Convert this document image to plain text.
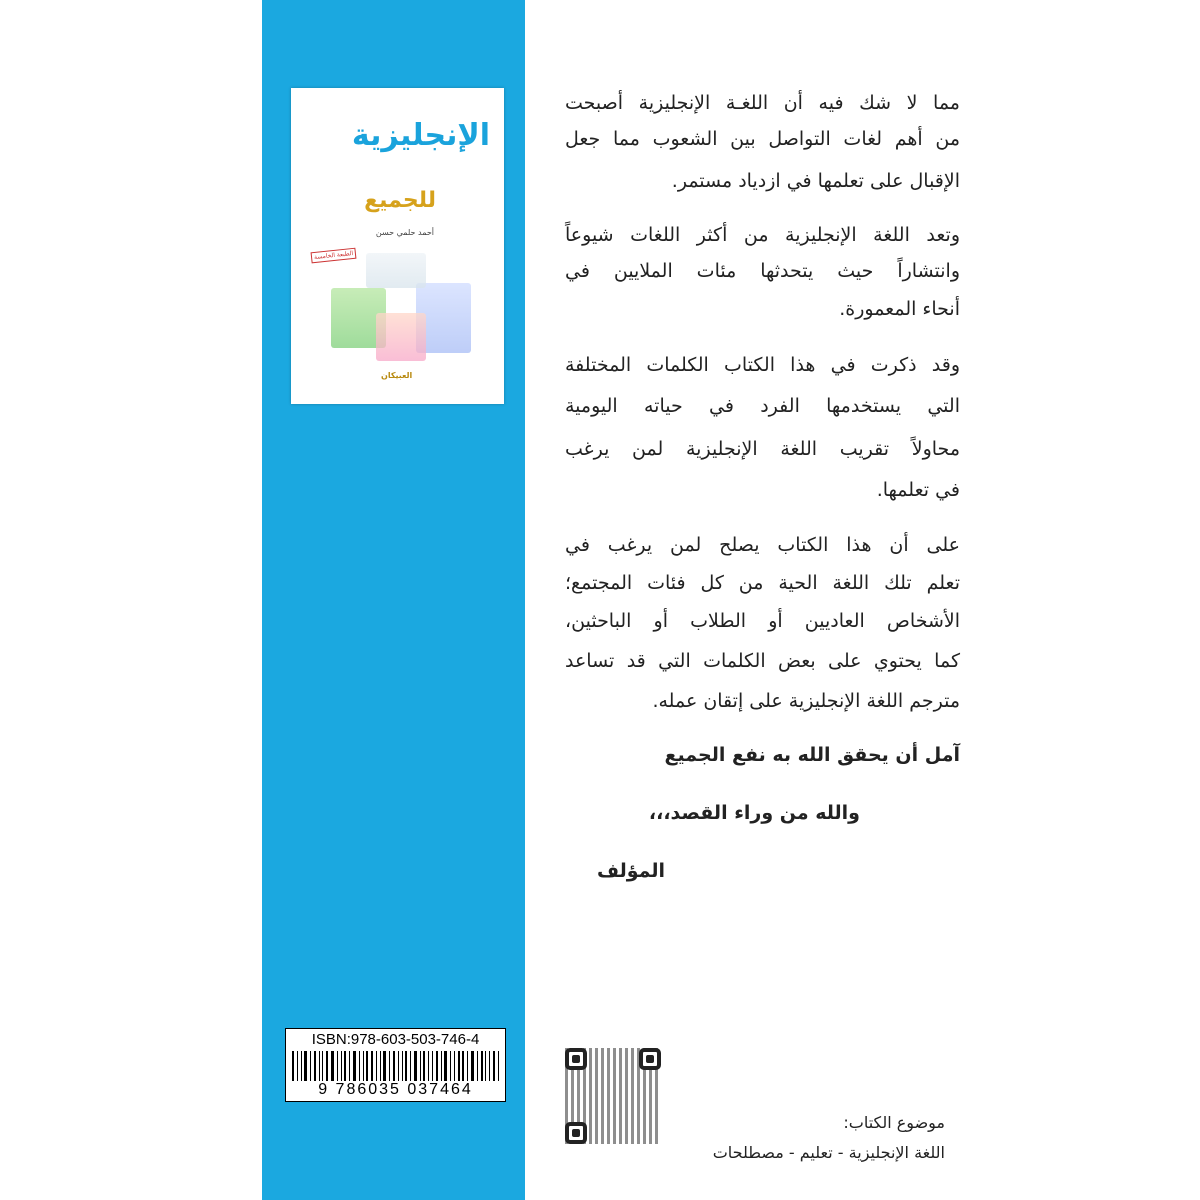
الإنجليزية
للجميع
أحمد حلمي حسن
الطبعة الخامسة
العبيكان
مما لا شك فيه أن اللغـة الإنجليزية أصبحت
من أهم لغات التواصل بين الشعوب مما جعل
الإقبال على تعلمها في ازدياد مستمر.
وتعد اللغة الإنجليزية من أكثر اللغات شيوعاً
وانتشاراً حيث يتحدثها مئات الملايين في
أنحاء المعمورة.
وقد ذكرت في هذا الكتاب الكلمات المختلفة
التي يستخدمها الفرد في حياته اليومية
محاولاً تقريب اللغة الإنجليزية لمن يرغب
في تعلمها.
على أن هذا الكتاب يصلح لمن يرغب في
تعلم تلك اللغة الحية من كل فئات المجتمع؛
الأشخاص العاديين أو الطلاب أو الباحثين،
كما يحتوي على بعض الكلمات التي قد تساعد
مترجم اللغة الإنجليزية على إتقان عمله.
آمل أن يحقق الله به نفع الجميع
والله من وراء القصد،،،
المؤلف
ISBN:978-603-503-746-4
9 786035 037464
موضوع الكتاب:
اللغة الإنجليزية - تعليم - مصطلحات
